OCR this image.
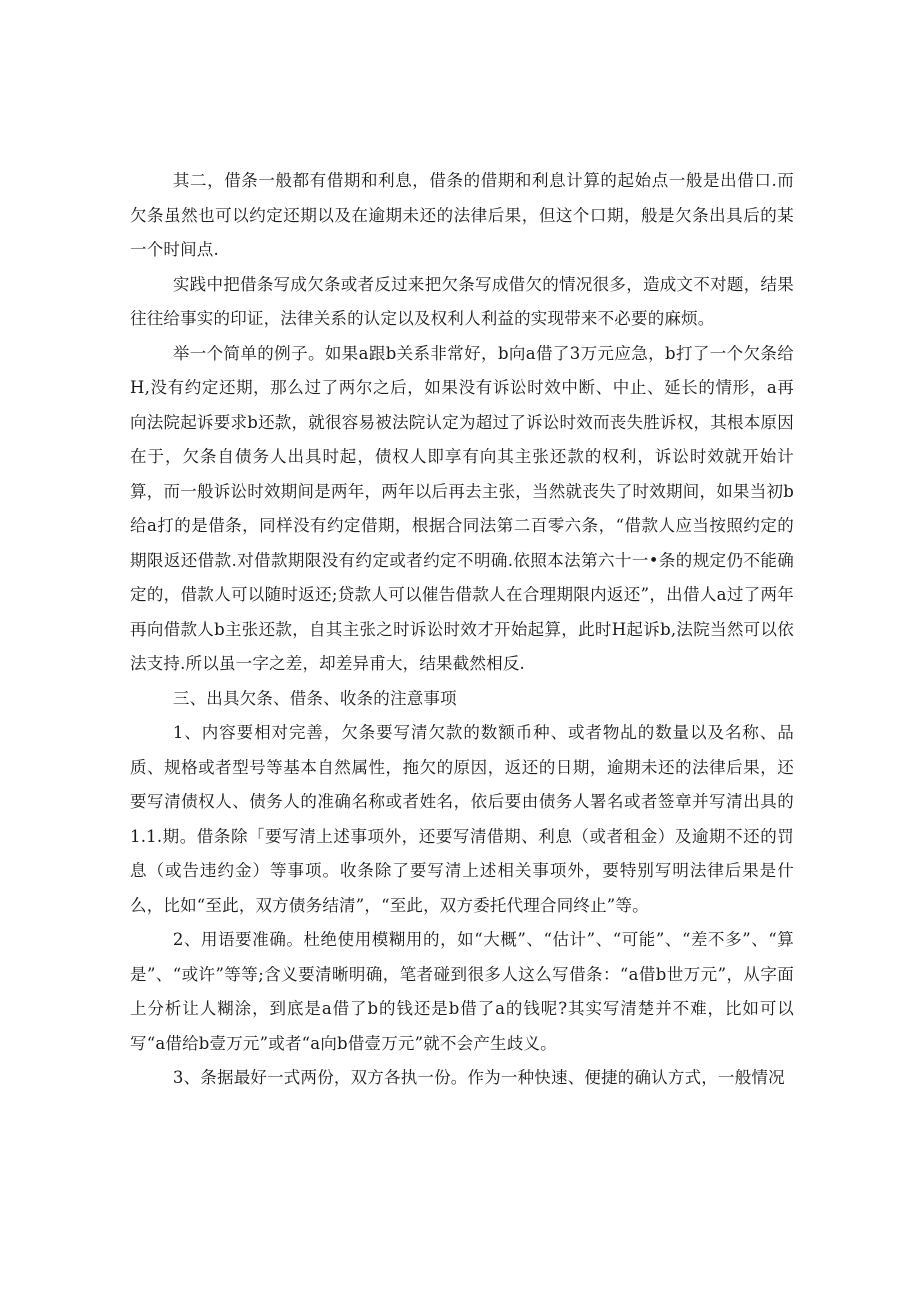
其二，借条一般都有借期和利息，借条的借期和利息计算的起始点一般是出借口.而欠条虽然也可以约定还期以及在逾期未还的法律后果，但这个口期，般是欠条出具后的某一个时间点.

实践中把借条写成欠条或者反过来把欠条写成借欠的情况很多，造成文不对题，结果往往给事实的印证，法律关系的认定以及权利人利益的实现带来不必要的麻烦。

举一个简单的例子。如果a跟b关系非常好，b向a借了3万元应急，b打了一个欠条给H,没有约定还期，那么过了两尔之后，如果没有诉讼时效中断、中止、延长的情形，a再向法院起诉要求b还款，就很容易被法院认定为超过了诉讼时效而丧失胜诉权，其根本原因在于，欠条自债务人出具时起，债权人即享有向其主张还款的权利，诉讼时效就开始计算，而一般诉讼时效期间是两年，两年以后再去主张，当然就丧失了时效期间，如果当初b给a打的是借条，同样没有约定借期，根据合同法第二百零六条，“借款人应当按照约定的期限返还借款.对借款期限没有约定或者约定不明确.依照本法第六十一•条的规定仍不能确定的，借款人可以随时返还;贷款人可以催告借款人在合理期限内返还”，出借人a过了两年再向借款人b主张还款，自其主张之时诉讼时效才开始起算，此时H起诉b,法院当然可以依法支持.所以虽一字之差，却差异甫大，结果截然相反.

三、出具欠条、借条、收条的注意事项

1、内容要相对完善，欠条要写清欠款的数额币种、或者物乩的数量以及名称、品质、规格或者型号等基本自然属性，拖欠的原因，返还的日期，逾期未还的法律后果，还要写清债权人、债务人的准确名称或者姓名，依后要由债务人署名或者签章并写清出具的1.1.期。借条除「要写清上述事项外，还要写清借期、利息（或者租金）及逾期不还的罚息（或告违约金）等事项。收条除了要写清上述相关事项外，要特别写明法律后果是什么，比如“至此，双方债务结清”，“至此，双方委托代理合同终止”等。

2、用语要准确。杜绝使用模糊用的，如“大概”、“估计”、“可能”、“差不多”、“算是”、“或许”等等;含义要清晰明确，笔者碰到很多人这么写借条：“a借b世万元”，从字面上分析让人糊涂，到底是a借了b的钱还是b借了a的钱呢?其实写清楚并不难，比如可以写“a借给b壹万元”或者“a向b借壹万元”就不会产生歧义。

3、条据最好一式两份，双方各执一份。作为一种快速、便捷的确认方式，一般情况
